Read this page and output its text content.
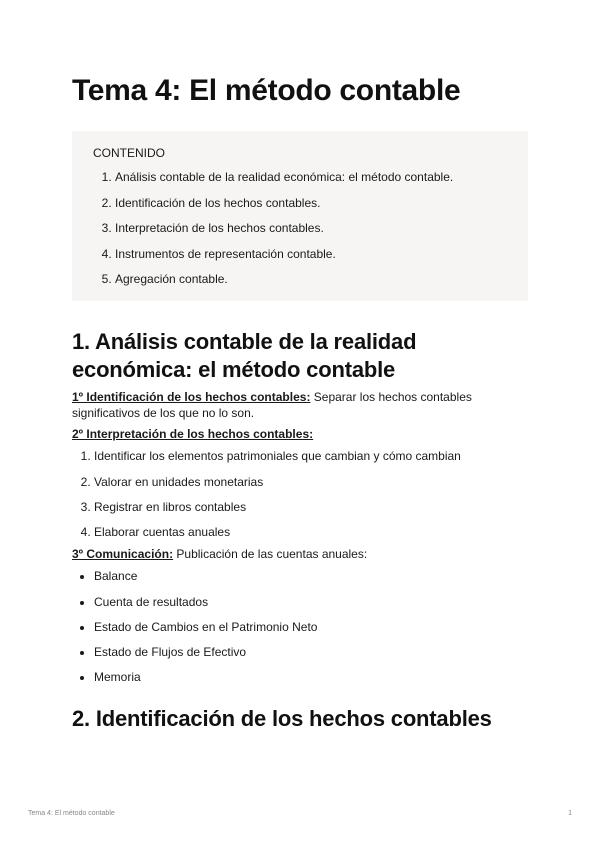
Tema 4: El método contable
CONTENIDO
1. Análisis contable de la realidad económica: el método contable.
2. Identificación de los hechos contables.
3. Interpretación de los hechos contables.
4. Instrumentos de representación contable.
5. Agregación contable.
1. Análisis contable de la realidad
económica: el método contable

1º Identificación de los hechos contables: Separar los hechos contables significativos de los que no lo son.

2º Interpretación de los hechos contables:

1. Identificar los elementos patrimoniales que cambian y cómo cambian
2. Valorar en unidades monetarias
3. Registrar en libros contables
4. Elaborar cuentas anuales

3º Comunicación: Publicación de las cuentas anuales:

• Balance
• Cuenta de resultados
• Estado de Cambios en el Patrimonio Neto
• Estado de Flujos de Efectivo
• Memoria
2. Identificación de los hechos contables
Tema 4: El método contable	1
